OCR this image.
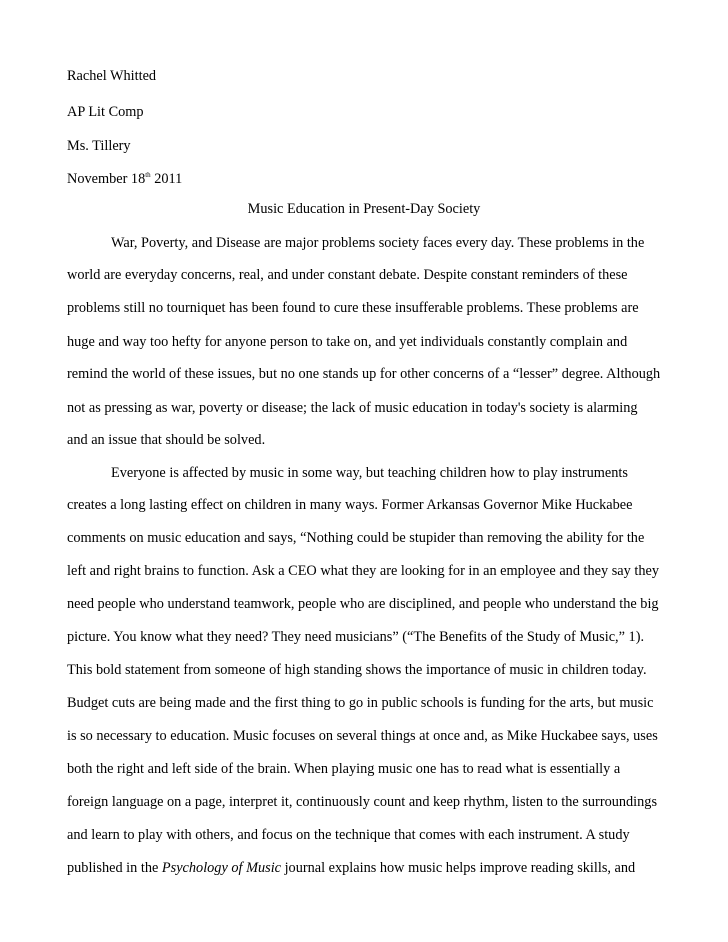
Rachel Whitted
AP Lit Comp
Ms. Tillery
November 18th 2011
Music Education in Present-Day Society
War, Poverty, and Disease are major problems society faces every day. These problems in the
world are everyday concerns, real, and under constant debate. Despite constant reminders of these
problems still no tourniquet has been found to cure these insufferable problems. These problems are
huge and way too hefty for anyone person to take on, and yet individuals constantly complain and
remind the world of these issues, but no one stands up for other concerns of a “lesser” degree. Although
not as pressing as war, poverty or disease; the lack of music education in today's society is alarming
and an issue that should be solved.
Everyone is affected by music in some way, but teaching children how to play instruments
creates a long lasting effect on children in many ways. Former Arkansas Governor Mike Huckabee
comments on music education and says, “Nothing could be stupider than removing the ability for the
left and right brains to function. Ask a CEO what they are looking for in an employee and they say they
need people who understand teamwork, people who are disciplined, and people who understand the big
picture. You know what they need? They need musicians” (“The Benefits of the Study of Music,” 1).
This bold statement from someone of high standing shows the importance of music in children today.
Budget cuts are being made and the first thing to go in public schools is funding for the arts, but music
is so necessary to education. Music focuses on several things at once and, as Mike Huckabee says, uses
both the right and left side of the brain. When playing music one has to read what is essentially a
foreign language on a page, interpret it, continuously count and keep rhythm, listen to the surroundings
and learn to play with others, and focus on the technique that comes with each instrument. A study
published in the Psychology of Music journal explains how music helps improve reading skills, and
